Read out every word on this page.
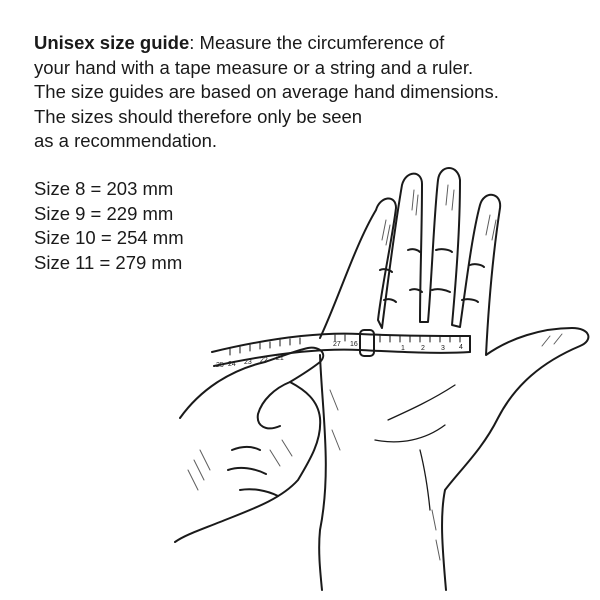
Unisex size guide: Measure the circumference of
your hand with a tape measure or a string and a ruler.
The size guides are based on average hand dimensions.
The sizes should therefore only be seen
as a recommendation.

Size 8 = 203 mm
Size 9 = 229 mm
Size 10 = 254 mm
Size 11 = 279 mm
1 2 3 4
21
22
23
24
25
27 16
